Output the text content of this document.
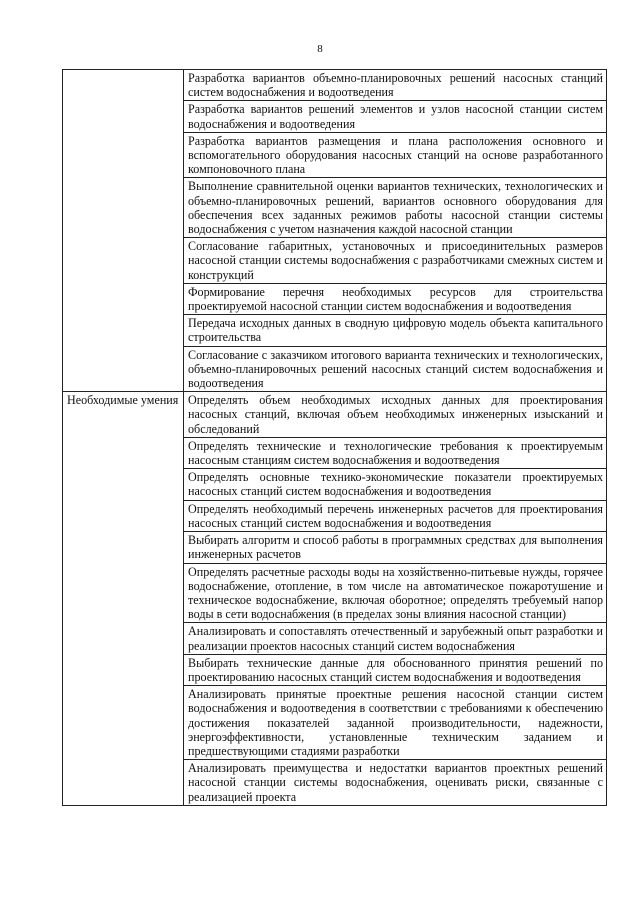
8
	Разработка вариантов объемно-планировочных решений насосных станций систем водоснабжения и водоотведения
	Разработка вариантов решений элементов и узлов насосной станции систем водоснабжения и водоотведения
	Разработка вариантов размещения и плана расположения основного и вспомогательного оборудования насосных станций на основе разработанного компоновочного плана
	Выполнение сравнительной оценки вариантов технических, технологических и объемно-планировочных решений, вариантов основного оборудования для обеспечения всех заданных режимов работы насосной станции системы водоснабжения с учетом назначения каждой насосной станции
	Согласование габаритных, установочных и присоединительных размеров насосной станции системы водоснабжения с разработчиками смежных систем и конструкций
	Формирование перечня необходимых ресурсов для строительства проектируемой насосной станции систем водоснабжения и водоотведения
	Передача исходных данных в сводную цифровую модель объекта капитального строительства
	Согласование с заказчиком итогового варианта технических и технологических, объемно-планировочных решений насосных станций систем водоснабжения и водоотведения
Необходимые умения	Определять объем необходимых исходных данных для проектирования насосных станций, включая объем необходимых инженерных изысканий и обследований
	Определять технические и технологические требования к проектируемым насосным станциям систем водоснабжения и водоотведения
	Определять основные технико-экономические показатели проектируемых насосных станций систем водоснабжения и водоотведения
	Определять необходимый перечень инженерных расчетов для проектирования насосных станций систем водоснабжения и водоотведения
	Выбирать алгоритм и способ работы в программных средствах для выполнения инженерных расчетов
	Определять расчетные расходы воды на хозяйственно-питьевые нужды, горячее водоснабжение, отопление, в том числе на автоматическое пожаротушение и техническое водоснабжение, включая оборотное; определять требуемый напор воды в сети водоснабжения (в пределах зоны влияния насосной станции)
	Анализировать и сопоставлять отечественный и зарубежный опыт разработки и реализации проектов насосных станций систем водоснабжения
	Выбирать технические данные для обоснованного принятия решений по проектированию насосных станций систем водоснабжения и водоотведения
	Анализировать принятые проектные решения насосной станции систем водоснабжения и водоотведения в соответствии с требованиями к обеспечению достижения показателей заданной производительности, надежности, энергоэффективности, установленные техническим заданием и предшествующими стадиями разработки
	Анализировать преимущества и недостатки вариантов проектных решений насосной станции системы водоснабжения, оценивать риски, связанные с реализацией проекта
